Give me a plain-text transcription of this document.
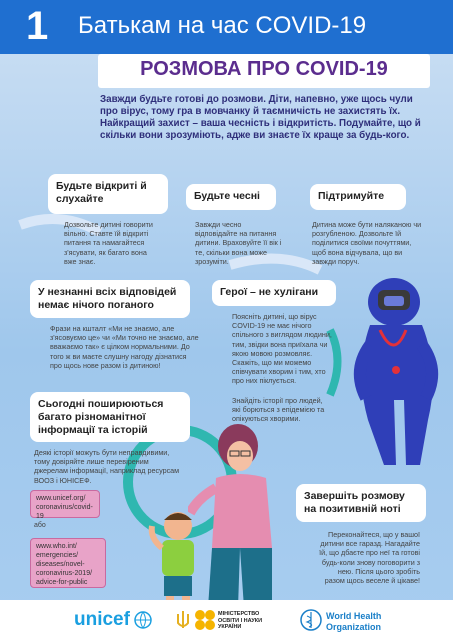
1 Батькам на час COVID-19
РОЗМОВА ПРО COVID-19
Завжди будьте готові до розмови. Діти, напевно, уже щось чули про вірус, тому гра в мовчанку й таємничість не захистять їх. Найкращий захист – ваша чесність і відкритість. Подумайте, що й скільки вони зрозуміють, адже ви знаєте їх краще за будь-кого.
Будьте відкриті й слухайте
Дозвольте дитині говорити вільно. Ставте їй відкриті питання та намагайтеся з'ясувати, як багато вона вже знає.
Будьте чесні
Завжди чесно відповідайте на питання дитини. Враховуйте її вік і те, скільки вона може зрозуміти.
Підтримуйте
Дитина може бути наляканою чи розгубленою. Дозвольте їй поділитися своїми почуттями, щоб вона відчувала, що ви завжди поруч.
У незнанні всіх відповідей немає нічого поганого
Фрази на кшталт «Ми не знаємо, але з'ясовуємо це» чи «Ми точно не знаємо, але вважаємо так» є цілком нормальними. До того ж ви маєте слушну нагоду дізнатися про щось нове разом із дитиною!
Герої – не хулігани
Поясніть дитині, що вірус COVID-19 не має нічого спільного з виглядом людини, тим, звідки вона приїхала чи якою мовою розмовляє. Скажіть, що ми можемо співчувати хворим і тим, хто про них піклується.
Знайдіть історії про людей, які борються з епідемією та опікуються хворими.
Сьогодні поширюються багато різноманітної інформації та історій
Деякі історії можуть бути неправдивими, тому довіряйте лише перевіреним джерелам інформації, наприклад ресурсам ВООЗ і ЮНІСЕФ.
www.unicef.org/ coronavirus/covid-19
або
www.who.int/ emergencies/ diseases/novel- coronavirus-2019/ advice-for-public
Завершіть розмову на позитивній ноті
Переконайтеся, що у вашої дитини все гаразд. Нагадайте їй, що дбаєте про неї та готові будь-коли знову поговорити з нею. Після цього зробіть разом щось веселе й цікаве!
unicef	МІНІСТЕРСТВО ОСВІТИ І НАУКИ УКРАЇНИ
World Health
Organization
